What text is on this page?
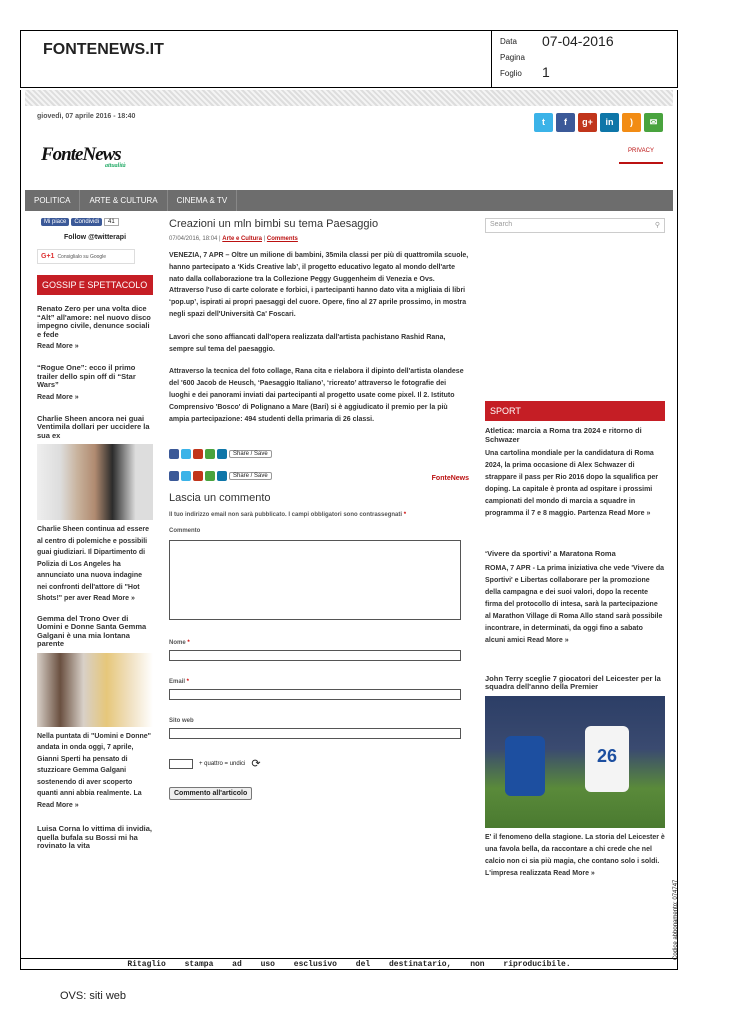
FONTENEWS.IT	Data 07-04-2016
Pagina
Foglio 1
giovedì, 07 aprile 2016 - 18:40
t	f	g+	in	)	✉
FonteNews
attualità
PRIVACY
POLITICA	ARTE & CULTURA	CINEMA & TV
Mi piace Condividi 41
Follow @twitterapi
G+1 Consiglialo su Google
GOSSIP E SPETTACOLO
Renato Zero per una volta dice “Alt” all'amore: nel nuovo disco impegno civile, denunce sociali e fede
Read More »
“Rogue One”: ecco il primo trailer dello spin off di “Star Wars”
Read More »
Charlie Sheen ancora nei guai Ventimila dollari per uccidere la sua ex
Charlie Sheen continua ad essere al centro di polemiche e possibili guai giudiziari. Il Dipartimento di Polizia di Los Angeles ha annunciato una nuova indagine nei confronti dell'attore di "Hot Shots!" per aver Read More »
Gemma del Trono Over di Uomini e Donne Santa Gemma Galgani è una mia lontana parente
Nella puntata di "Uomini e Donne" andata in onda oggi, 7 aprile, Gianni Sperti ha pensato di stuzzicare Gemma Galgani sostenendo di aver scoperto quanti anni abbia realmente. La Read More »
Luisa Corna lo vittima di invidia, quella bufala su Bossi mi ha rovinato la vita
Creazioni un mln bimbi su tema Paesaggio
07/04/2016, 18:04 | Arte e Cultura | Comments

VENEZIA, 7 APR – Oltre un milione di bambini, 35mila classi per più di quattromila scuole, hanno partecipato a ‘Kids Creative lab’, il progetto educativo legato al mondo dell'arte nato dalla collaborazione tra la Collezione Peggy Guggenheim di Venezia e Ovs. Attraverso l'uso di carte colorate e forbici, i partecipanti hanno dato vita a migliaia di libri ‘pop.up’, ispirati ai propri paesaggi del cuore. Opere, fino al 27 aprile prossimo, in mostra negli spazi dell'Università Ca' Foscari.

Lavori che sono affiancati dall'opera realizzata dall'artista pachistano Rashid Rana, sempre sul tema del paesaggio.

Attraverso la tecnica del foto collage, Rana cita e rielabora il dipinto dell'artista olandese del '600 Jacob de Heusch, ‘Paesaggio Italiano’, ‘ricreato’ attraverso le fotografie dei luoghi e dei panorami inviati dai partecipanti al progetto usate come pixel. Il 2. Istituto Comprensivo 'Bosco' di Polignano a Mare (Bari) si è aggiudicato il premio per la più ampia partecipazione: 494 studenti della primaria di 26 classi.

Share / Save
Share / Save	FonteNews
Lascia un commento
Il tuo indirizzo email non sarà pubblicato. I campi obbligatori sono contrassegnati *
Commento
Nome *
Email *
Sito web
+ quattro = undici ⟳
Commento all'articolo
Search	⚲
SPORT
Atletica: marcia a Roma tra 2024 e ritorno di Schwazer
Una cartolina mondiale per la candidatura di Roma 2024, la prima occasione di Alex Schwazer di strappare il pass per Rio 2016 dopo la squalifica per doping. La capitale è pronta ad ospitare i prossimi campionati del mondo di marcia a squadre in programma il 7 e 8 maggio. Partenza Read More »
‘Vivere da sportivi’ a Maratona Roma
ROMA, 7 APR - La prima iniziativa che vede 'Vivere da Sportivi' e Libertas collaborare per la promozione della campagna e dei suoi valori, dopo la recente firma del protocollo di intesa, sarà la partecipazione al Marathon Village di Roma Allo stand sarà possibile incontrare, in determinati, da oggi fino a sabato alcuni amici Read More »
John Terry sceglie 7 giocatori del Leicester per la squadra dell'anno della Premier
26
E' il fenomeno della stagione. La storia del Leicester è una favola bella, da raccontare a chi crede che nel calcio non ci sia più magia, che contano solo i soldi. L'impresa realizzata Read More »
Ritaglio stampa ad uso esclusivo del destinatario, non riproducibile.
OVS: siti web
Codice abbonamento: 074747
